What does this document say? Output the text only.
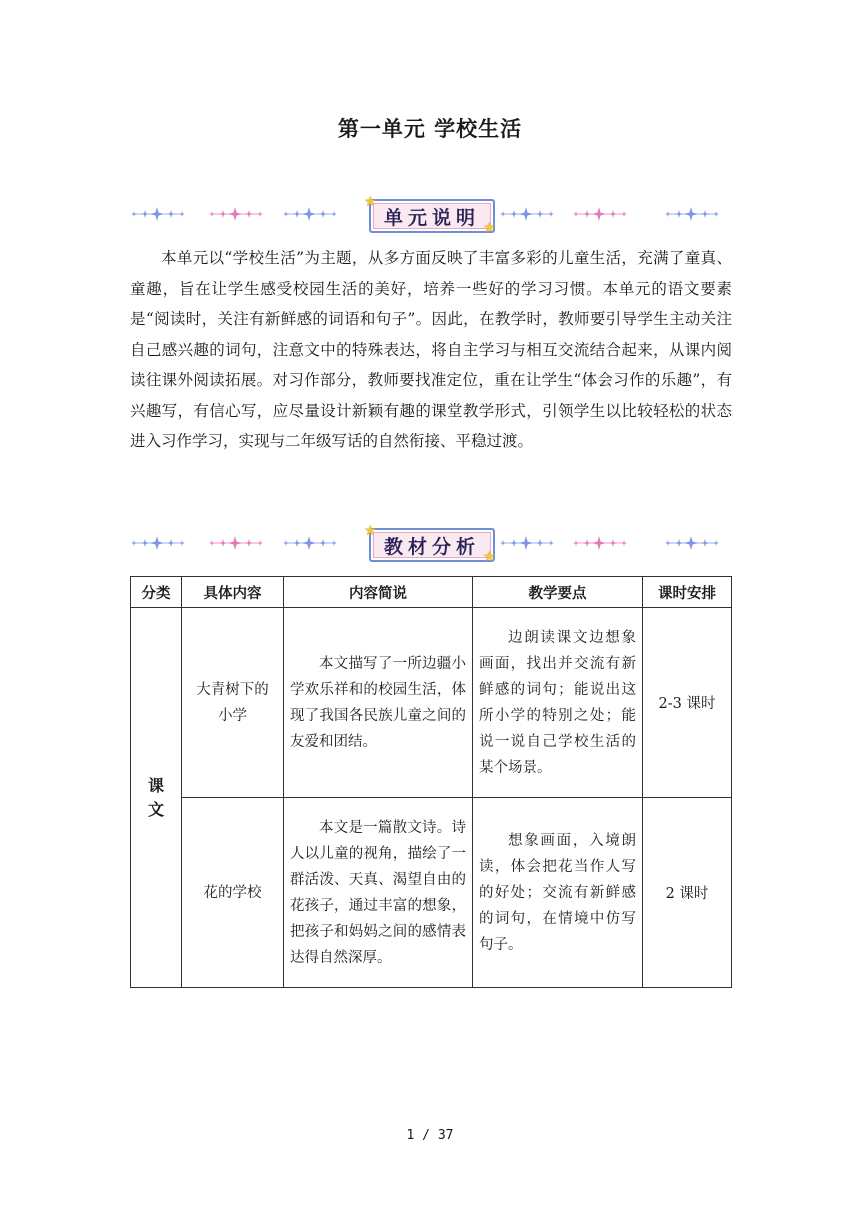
第一单元 学校生活
单元说明
★
★
本单元以“学校生活”为主题，从多方面反映了丰富多彩的儿童生活，充满了童真、童趣，旨在让学生感受校园生活的美好，培养一些好的学习习惯。本单元的语文要素是“阅读时，关注有新鲜感的词语和句子”。因此，在教学时，教师要引导学生主动关注自己感兴趣的词句，注意文中的特殊表达，将自主学习与相互交流结合起来，从课内阅读往课外阅读拓展。对习作部分，教师要找准定位，重在让学生“体会习作的乐趣”，有兴趣写，有信心写，应尽量设计新颖有趣的课堂教学形式，引领学生以比较轻松的状态进入习作学习，实现与二年级写话的自然衔接、平稳过渡。
教材分析
★
★
分类	具体内容	内容简说	教学要点	课时安排
课文	大青树下的小学	本文描写了一所边疆小学欢乐祥和的校园生活，体现了我国各民族儿童之间的友爱和团结。	边朗读课文边想象画面，找出并交流有新鲜感的词句；能说出这所小学的特别之处；能说一说自己学校生活的某个场景。	2-3 课时
	花的学校	本文是一篇散文诗。诗人以儿童的视角，描绘了一群活泼、天真、渴望自由的花孩子，通过丰富的想象，把孩子和妈妈之间的感情表达得自然深厚。	想象画面，入境朗读，体会把花当作人写的好处；交流有新鲜感的词句，在情境中仿写句子。	2 课时
1 / 37
